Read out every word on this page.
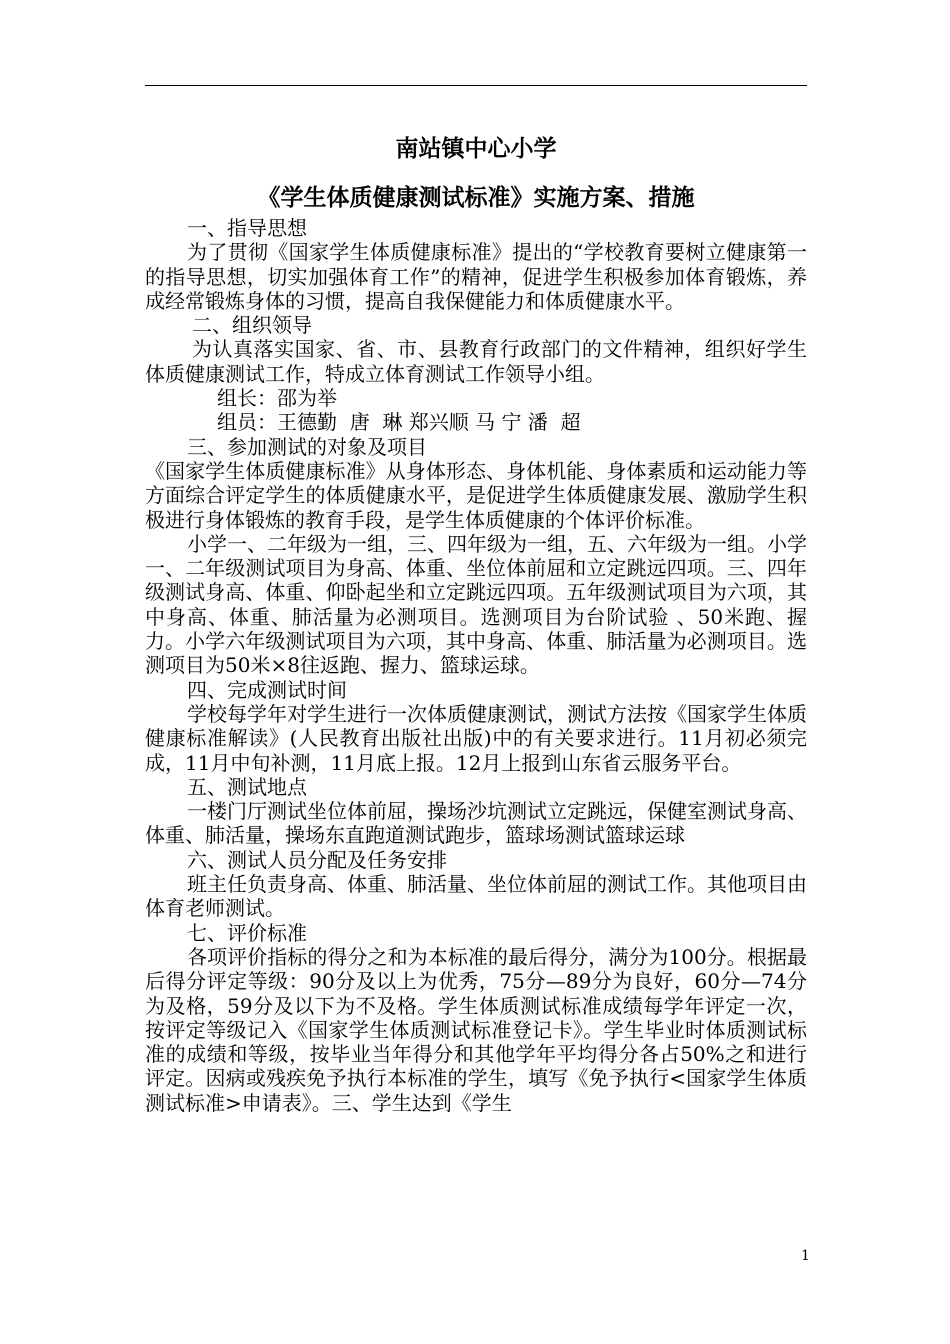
南站镇中心小学
《学生体质健康测试标准》实施方案、措施

一、指导思想

为了贯彻《国家学生体质健康标准》提出的“学校教育要树立健康第一的指导思想，切实加强体育工作”的精神，促进学生积极参加体育锻炼，养成经常锻炼身体的习惯，提高自我保健能力和体质健康水平。

二、组织领导

为认真落实国家、省、市、县教育行政部门的文件精神，组织好学生体质健康测试工作，特成立体育测试工作领导小组。

组长：邵为举

组员：王德勤  唐  琳 郑兴顺 马 宁 潘  超

三、参加测试的对象及项目

《国家学生体质健康标准》从身体形态、身体机能、身体素质和运动能力等方面综合评定学生的体质健康水平，是促进学生体质健康发展、激励学生积极进行身体锻炼的教育手段，是学生体质健康的个体评价标准。

小学一、二年级为一组，三、四年级为一组，五、六年级为一组。小学一、二年级测试项目为身高、体重、坐位体前屈和立定跳远四项。三、四年级测试身高、体重、仰卧起坐和立定跳远四项。五年级测试项目为六项，其中身高、体重、肺活量为必测项目。选测项目为台阶试验 、50米跑、握力。小学六年级测试项目为六项，其中身高、体重、肺活量为必测项目。选测项目为50米×8往返跑、握力、篮球运球。

四、完成测试时间

学校每学年对学生进行一次体质健康测试，测试方法按《国家学生体质健康标准解读》(人民教育出版社出版)中的有关要求进行。11月初必须完成，11月中旬补测，11月底上报。12月上报到山东省云服务平台。

五、测试地点

一楼门厅测试坐位体前屈，操场沙坑测试立定跳远，保健室测试身高、体重、肺活量，操场东直跑道测试跑步，篮球场测试篮球运球

六、测试人员分配及任务安排

班主任负责身高、体重、肺活量、坐位体前屈的测试工作。其他项目由体育老师测试。

七、评价标准

各项评价指标的得分之和为本标准的最后得分，满分为100分。根据最后得分评定等级：90分及以上为优秀，75分—89分为良好，60分—74分为及格，59分及以下为不及格。学生体质测试标准成绩每学年评定一次，按评定等级记入《国家学生体质测试标准登记卡》。学生毕业时体质测试标准的成绩和等级，按毕业当年得分和其他学年平均得分各占50%之和进行评定。因病或残疾免予执行本标准的学生，填写《免予执行<国家学生体质测试标准>申请表》。三、学生达到《学生

1
